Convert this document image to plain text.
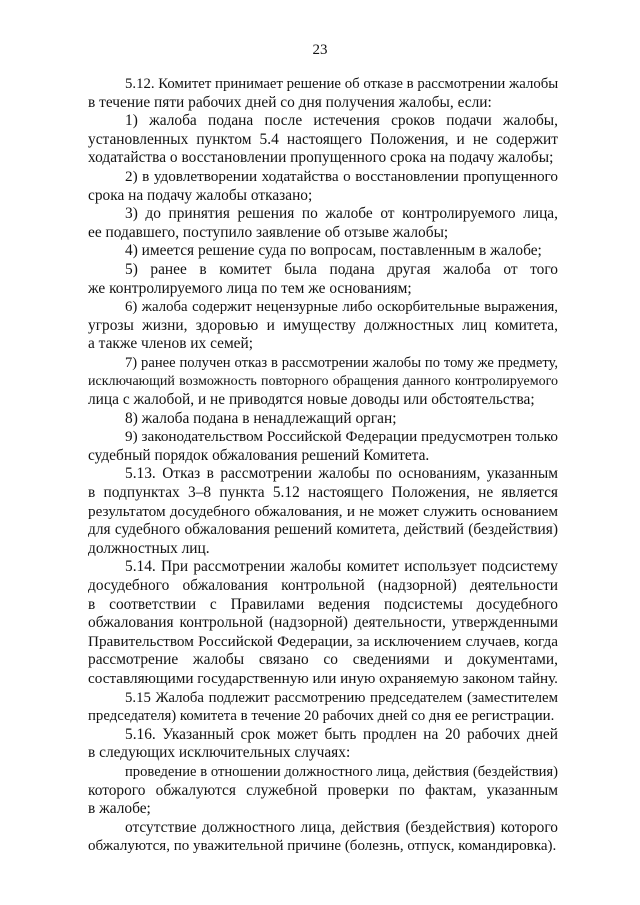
23
5.12. Комитет принимает решение об отказе в рассмотрении жалобы
в течение пяти рабочих дней со дня получения жалобы, если:
1) жалоба подана после истечения сроков подачи жалобы,
установленных пунктом 5.4 настоящего Положения, и не содержит
ходатайства о восстановлении пропущенного срока на подачу жалобы;
2) в удовлетворении ходатайства о восстановлении пропущенного
срока на подачу жалобы отказано;
3) до принятия решения по жалобе от контролируемого лица,
ее подавшего, поступило заявление об отзыве жалобы;
4) имеется решение суда по вопросам, поставленным в жалобе;
5) ранее в комитет была подана другая жалоба от того
же контролируемого лица по тем же основаниям;
6) жалоба содержит нецензурные либо оскорбительные выражения,
угрозы жизни, здоровью и имуществу должностных лиц комитета,
а также членов их семей;
7) ранее получен отказ в рассмотрении жалобы по тому же предмету,
исключающий возможность повторного обращения данного контролируемого
лица с жалобой, и не приводятся новые доводы или обстоятельства;
8) жалоба подана в ненадлежащий орган;
9) законодательством Российской Федерации предусмотрен только
судебный порядок обжалования решений Комитета.
5.13. Отказ в рассмотрении жалобы по основаниям, указанным
в подпунктах 3–8 пункта 5.12 настоящего Положения, не является
результатом досудебного обжалования, и не может служить основанием
для судебного обжалования решений комитета, действий (бездействия)
должностных лиц.
5.14. При рассмотрении жалобы комитет использует подсистему
досудебного обжалования контрольной (надзорной) деятельности
в соответствии с Правилами ведения подсистемы досудебного
обжалования контрольной (надзорной) деятельности, утвержденными
Правительством Российской Федерации, за исключением случаев, когда
рассмотрение жалобы связано со сведениями и документами,
составляющими государственную или иную охраняемую законом тайну.
5.15 Жалоба подлежит рассмотрению председателем (заместителем
председателя) комитета в течение 20 рабочих дней со дня ее регистрации.
5.16. Указанный срок может быть продлен на 20 рабочих дней
в следующих исключительных случаях:
проведение в отношении должностного лица, действия (бездействия)
которого обжалуются служебной проверки по фактам, указанным
в жалобе;
отсутствие должностного лица, действия (бездействия) которого
обжалуются, по уважительной причине (болезнь, отпуск, командировка).
